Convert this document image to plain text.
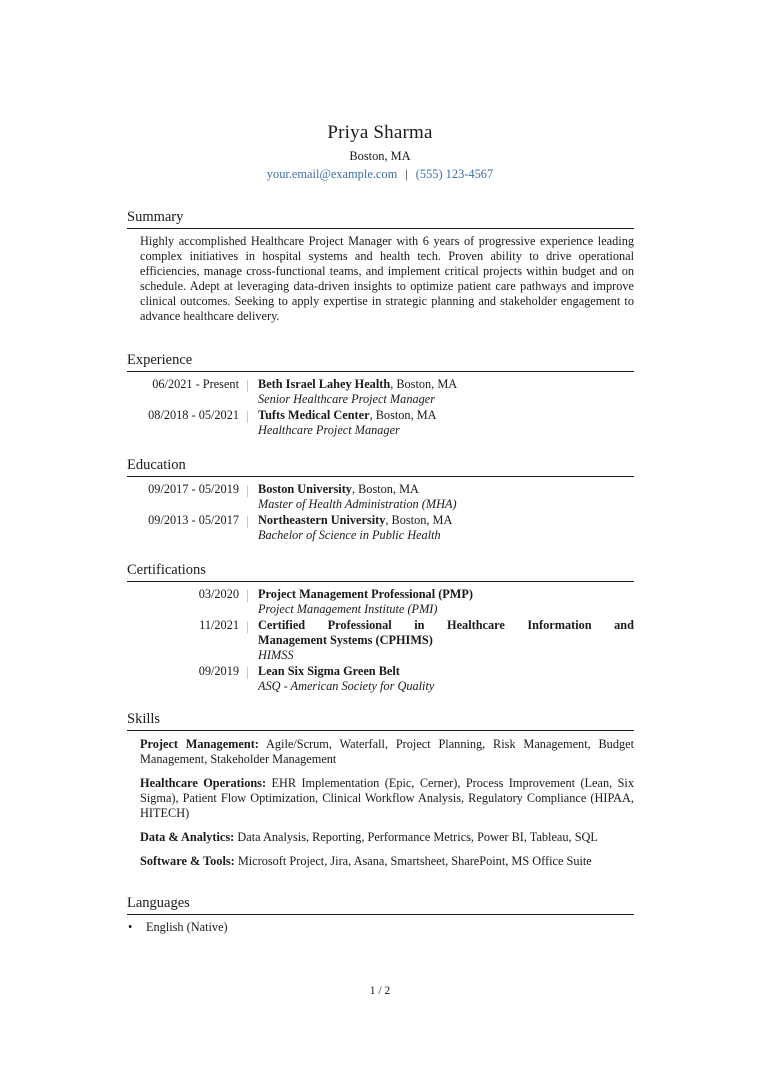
Priya Sharma
Boston, MA
your.email@example.com | (555) 123-4567
Summary
Highly accomplished Healthcare Project Manager with 6 years of progressive experience leading complex initiatives in hospital systems and health tech. Proven ability to drive operational efficiencies, manage cross-functional teams, and implement critical projects within budget and on schedule. Adept at leveraging data-driven insights to optimize patient care pathways and improve clinical outcomes. Seeking to apply expertise in strategic planning and stakeholder engagement to advance healthcare delivery.
Experience
06/2021 - Present Beth Israel Lahey Health, Boston, MA
Senior Healthcare Project Manager
08/2018 - 05/2021 Tufts Medical Center, Boston, MA
Healthcare Project Manager
Education
09/2017 - 05/2019 Boston University, Boston, MA
Master of Health Administration (MHA)
09/2013 - 05/2017 Northeastern University, Boston, MA
Bachelor of Science in Public Health
Certifications
03/2020 Project Management Professional (PMP)
Project Management Institute (PMI)
11/2021 Certified Professional in Healthcare Information and
Management Systems (CPHIMS)
HIMSS
09/2019 Lean Six Sigma Green Belt
ASQ - American Society for Quality
Skills
Project Management: Agile/Scrum, Waterfall, Project Planning, Risk Management, Budget Management, Stakeholder Management
Healthcare Operations: EHR Implementation (Epic, Cerner), Process Improvement (Lean, Six Sigma), Patient Flow Optimization, Clinical Workflow Analysis, Regulatory Compliance (HIPAA, HITECH)
Data & Analytics: Data Analysis, Reporting, Performance Metrics, Power BI, Tableau, SQL
Software & Tools: Microsoft Project, Jira, Asana, Smartsheet, SharePoint, MS Office Suite
Languages
• English (Native)
1 / 2
